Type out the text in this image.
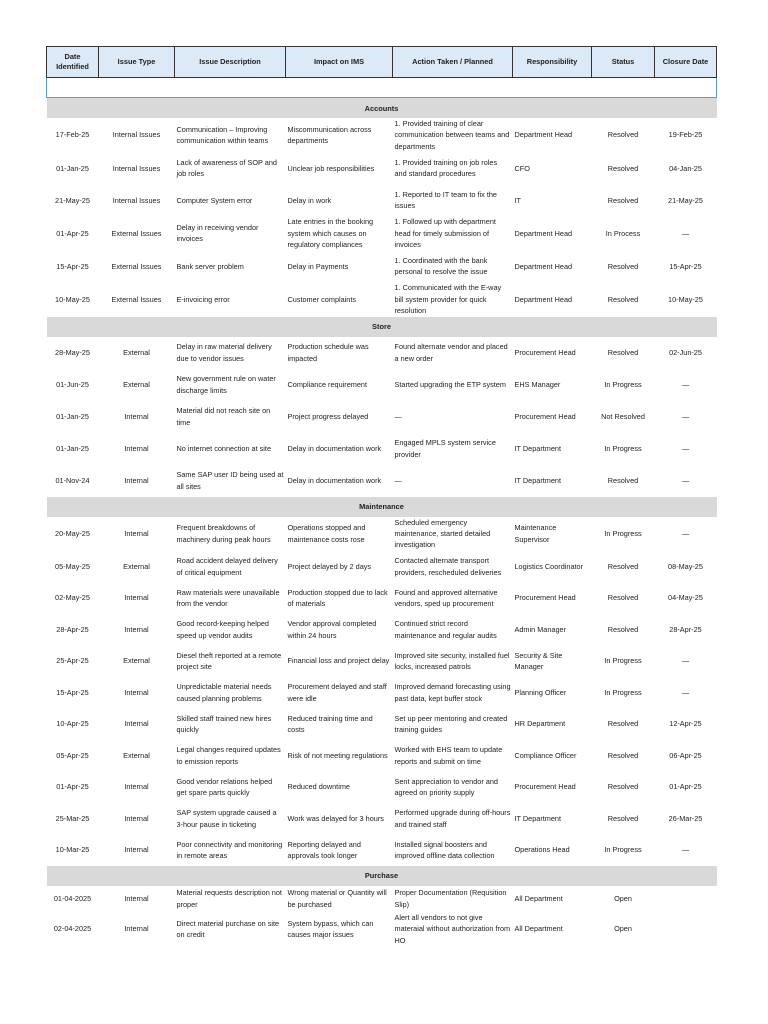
Date Identified	Issue Type	Issue Description	Impact on IMS	Action Taken / Planned	Responsibility	Status	Closure Date

Accounts							
17-Feb-25	Internal Issues	Communication – Improving communication within teams	Miscommunication across departments	1. Provided training of clear communication between teams and departments	Department Head	Resolved	19-Feb-25
01-Jan-25	Internal Issues	Lack of awareness of SOP and job roles	Unclear job responsibilities	1. Provided training on job roles and standard procedures	CFO	Resolved	04-Jan-25
21-May-25	Internal Issues	Computer System error	Delay in work	1. Reported to IT team to fix the issues	IT	Resolved	21-May-25
01-Apr-25	External Issues	Delay in receiving vendor invoices	Late entries in the booking system which causes on regulatory compliances	1. Followed up with department head for timely submission of invoices	Department Head	In Process	—
15-Apr-25	External Issues	Bank server problem	Delay in Payments	1. Coordinated with the bank personal to resolve the issue	Department Head	Resolved	15-Apr-25
10-May-25	External Issues	E-invoicing error	Customer complaints	1. Communicated with the E-way bill system provider for quick resolution	Department Head	Resolved	10-May-25
Store							
28-May-25	External	Delay in raw material delivery due to vendor issues	Production schedule was impacted	Found alternate vendor and placed a new order	Procurement Head	Resolved	02-Jun-25
01-Jun-25	External	New government rule on water discharge limits	Compliance requirement	Started upgrading the ETP system	EHS Manager	In Progress	—
01-Jan-25	Internal	Material did not reach site on time	Project progress delayed	—	Procurement Head	Not Resolved	—
01-Jan-25	Internal	No internet connection at site	Delay in documentation work	Engaged MPLS system service provider	IT Department	In Progress	—
01-Nov-24	Internal	Same SAP user ID being used at all sites	Delay in documentation work	—	IT Department	Resolved	—
Maintenance							
20-May-25	Internal	Frequent breakdowns of machinery during peak hours	Operations stopped and maintenance costs rose	Scheduled emergency maintenance, started detailed investigation	Maintenance Supervisor	In Progress	—
05-May-25	External	Road accident delayed delivery of critical equipment	Project delayed by 2 days	Contacted alternate transport providers, rescheduled deliveries	Logistics Coordinator	Resolved	08-May-25
02-May-25	Internal	Raw materials were unavailable from the vendor	Production stopped due to lack of materials	Found and approved alternative vendors, sped up procurement	Procurement Head	Resolved	04-May-25
28-Apr-25	Internal	Good record-keeping helped speed up vendor audits	Vendor approval completed within 24 hours	Continued strict record maintenance and regular audits	Admin Manager	Resolved	28-Apr-25
25-Apr-25	External	Diesel theft reported at a remote project site	Financial loss and project delay	Improved site security, installed fuel locks, increased patrols	Security & Site Manager	In Progress	—
15-Apr-25	Internal	Unpredictable material needs caused planning problems	Procurement delayed and staff were idle	Improved demand forecasting using past data, kept buffer stock	Planning Officer	In Progress	—
10-Apr-25	Internal	Skilled staff trained new hires quickly	Reduced training time and costs	Set up peer mentoring and created training guides	HR Department	Resolved	12-Apr-25
05-Apr-25	External	Legal changes required updates to emission reports	Risk of not meeting regulations	Worked with EHS team to update reports and submit on time	Compliance Officer	Resolved	06-Apr-25
01-Apr-25	Internal	Good vendor relations helped get spare parts quickly	Reduced downtime	Sent appreciation to vendor and agreed on priority supply	Procurement Head	Resolved	01-Apr-25
25-Mar-25	Internal	SAP system upgrade caused a 3-hour pause in ticketing	Work was delayed for 3 hours	Performed upgrade during off-hours and trained staff	IT Department	Resolved	26-Mar-25
10-Mar-25	Internal	Poor connectivity and monitoring in remote areas	Reporting delayed and approvals took longer	Installed signal boosters and improved offline data collection	Operations Head	In Progress	—
Purchase							
01-04-2025	Internal	Material requests description not proper	Wrong material or Quantity will be purchased	Proper Documentation (Requsition Slip)	All Department	Open	
02-04-2025	Internal	Direct material purchase on site on credit	System bypass, which can causes major issues	Alert all vendors to not give materaial without authorization from HO	All Department	Open	
